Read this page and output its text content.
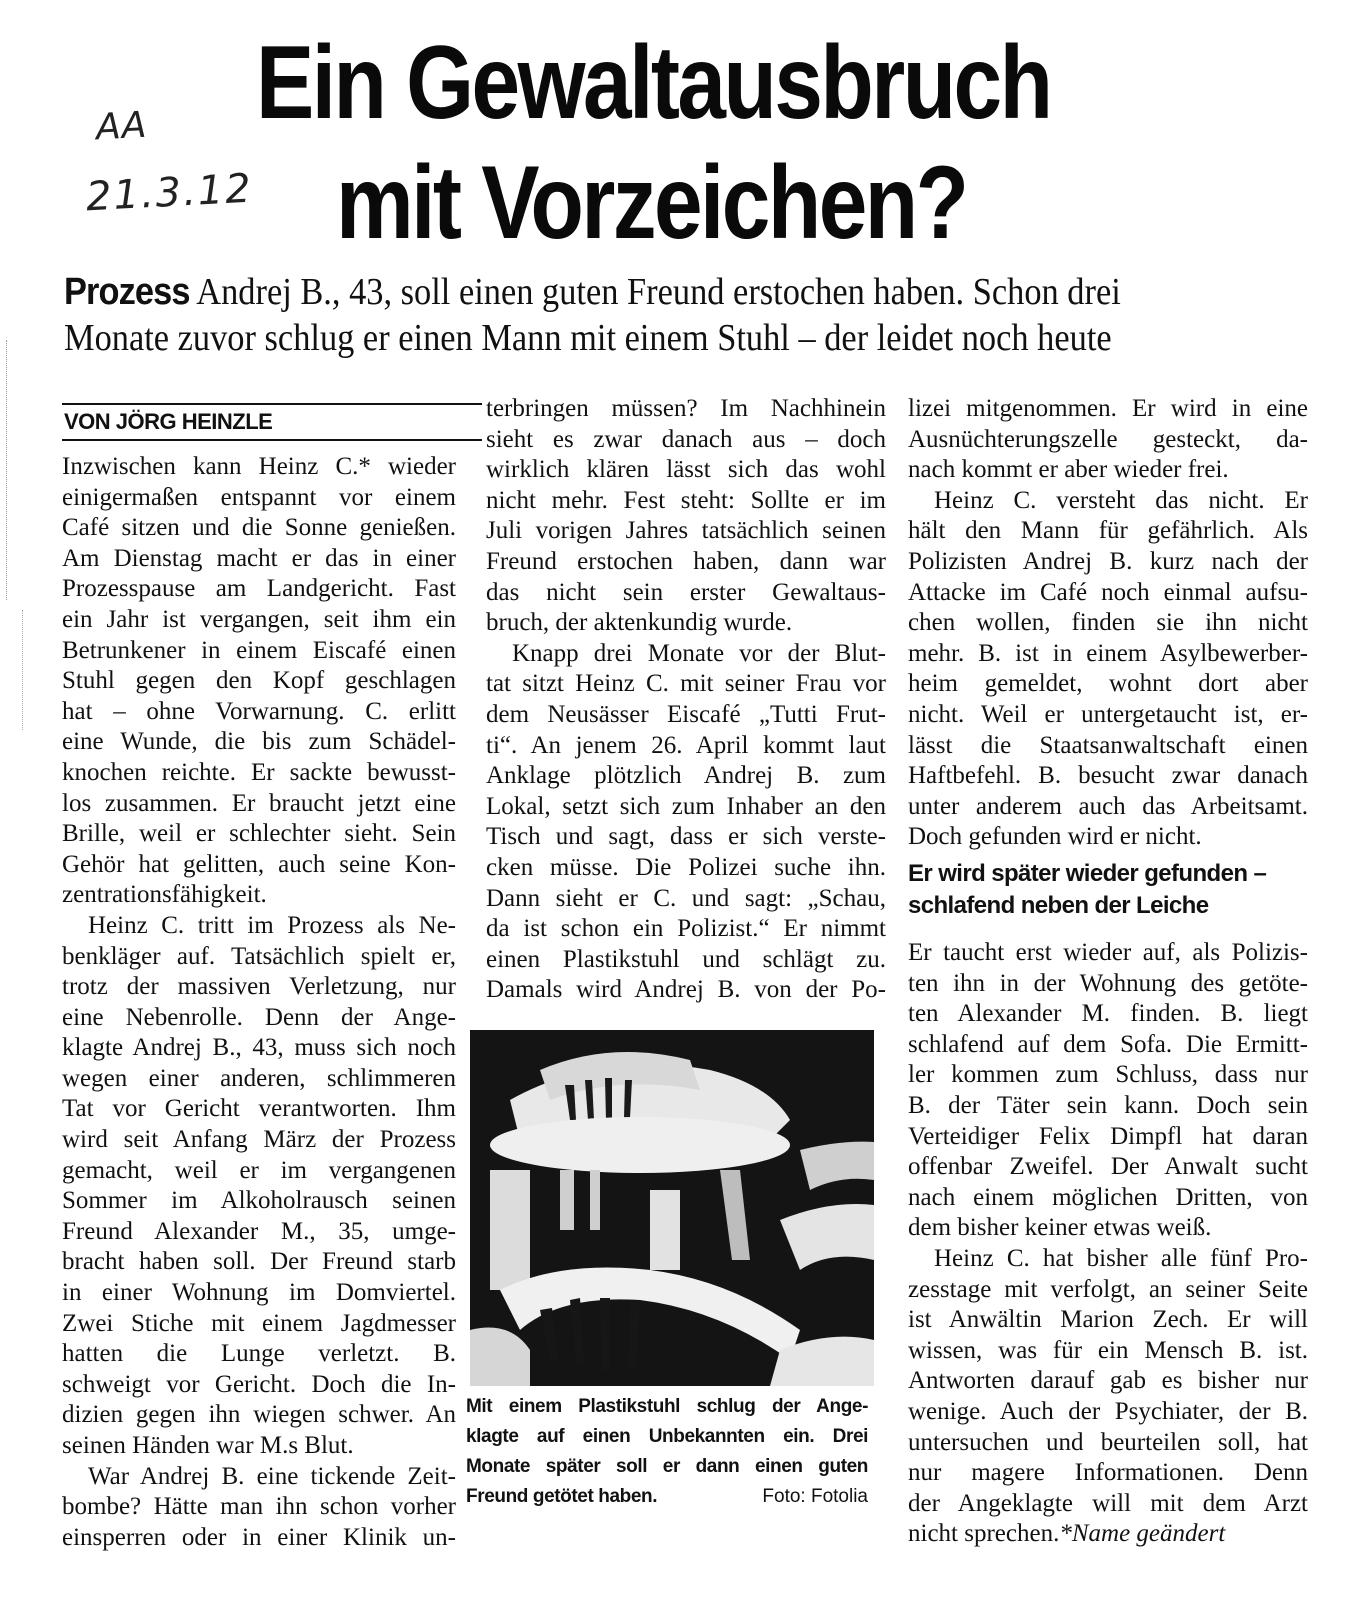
AA
21.3.12
Ein Gewaltausbruch
mit Vorzeichen?
Prozess Andrej B., 43, soll einen guten Freund erstochen haben. Schon drei
Monate zuvor schlug er einen Mann mit einem Stuhl – der leidet noch heute
VON JÖRG HEINZLE
Inzwischen kann Heinz C.* wieder
einigermaßen entspannt vor einem
Café sitzen und die Sonne genießen.
Am Dienstag macht er das in einer
Prozesspause am Landgericht. Fast
ein Jahr ist vergangen, seit ihm ein
Betrunkener in einem Eiscafé einen
Stuhl gegen den Kopf geschlagen
hat – ohne Vorwarnung. C. erlitt
eine Wunde, die bis zum Schädel-
knochen reichte. Er sackte bewusst-
los zusammen. Er braucht jetzt eine
Brille, weil er schlechter sieht. Sein
Gehör hat gelitten, auch seine Kon-
zentrationsfähigkeit.
Heinz C. tritt im Prozess als Ne-
benkläger auf. Tatsächlich spielt er,
trotz der massiven Verletzung, nur
eine Nebenrolle. Denn der Ange-
klagte Andrej B., 43, muss sich noch
wegen einer anderen, schlimmeren
Tat vor Gericht verantworten. Ihm
wird seit Anfang März der Prozess
gemacht, weil er im vergangenen
Sommer im Alkoholrausch seinen
Freund Alexander M., 35, umge-
bracht haben soll. Der Freund starb
in einer Wohnung im Domviertel.
Zwei Stiche mit einem Jagdmesser
hatten die Lunge verletzt. B.
schweigt vor Gericht. Doch die In-
dizien gegen ihn wiegen schwer. An
seinen Händen war M.s Blut.
War Andrej B. eine tickende Zeit-
bombe? Hätte man ihn schon vorher
einsperren oder in einer Klinik un-
terbringen müssen? Im Nachhinein
sieht es zwar danach aus – doch
wirklich klären lässt sich das wohl
nicht mehr. Fest steht: Sollte er im
Juli vorigen Jahres tatsächlich seinen
Freund erstochen haben, dann war
das nicht sein erster Gewaltaus-
bruch, der aktenkundig wurde.
Knapp drei Monate vor der Blut-
tat sitzt Heinz C. mit seiner Frau vor
dem Neusässer Eiscafé „Tutti Frut-
ti“. An jenem 26. April kommt laut
Anklage plötzlich Andrej B. zum
Lokal, setzt sich zum Inhaber an den
Tisch und sagt, dass er sich verste-
cken müsse. Die Polizei suche ihn.
Dann sieht er C. und sagt: „Schau,
da ist schon ein Polizist.“ Er nimmt
einen Plastikstuhl und schlägt zu.
Damals wird Andrej B. von der Po-
lizei mitgenommen. Er wird in eine
Ausnüchterungszelle gesteckt, da-
nach kommt er aber wieder frei.
Heinz C. versteht das nicht. Er
hält den Mann für gefährlich. Als
Polizisten Andrej B. kurz nach der
Attacke im Café noch einmal aufsu-
chen wollen, finden sie ihn nicht
mehr. B. ist in einem Asylbewerber-
heim gemeldet, wohnt dort aber
nicht. Weil er untergetaucht ist, er-
lässt die Staatsanwaltschaft einen
Haftbefehl. B. besucht zwar danach
unter anderem auch das Arbeitsamt.
Doch gefunden wird er nicht.
Er wird später wieder gefunden –
schlafend neben der Leiche
Er taucht erst wieder auf, als Polizis-
ten ihn in der Wohnung des getöte-
ten Alexander M. finden. B. liegt
schlafend auf dem Sofa. Die Ermitt-
ler kommen zum Schluss, dass nur
B. der Täter sein kann. Doch sein
Verteidiger Felix Dimpfl hat daran
offenbar Zweifel. Der Anwalt sucht
nach einem möglichen Dritten, von
dem bisher keiner etwas weiß.
Heinz C. hat bisher alle fünf Pro-
zesstage mit verfolgt, an seiner Seite
ist Anwältin Marion Zech. Er will
wissen, was für ein Mensch B. ist.
Antworten darauf gab es bisher nur
wenige. Auch der Psychiater, der B.
untersuchen und beurteilen soll, hat
nur magere Informationen. Denn
der Angeklagte will mit dem Arzt
nicht sprechen.*Name geändert
Mit einem Plastikstuhl schlug der Ange-
klagte auf einen Unbekannten ein. Drei
Monate später soll er dann einen guten
Freund getötet haben.	Foto: Fotolia
